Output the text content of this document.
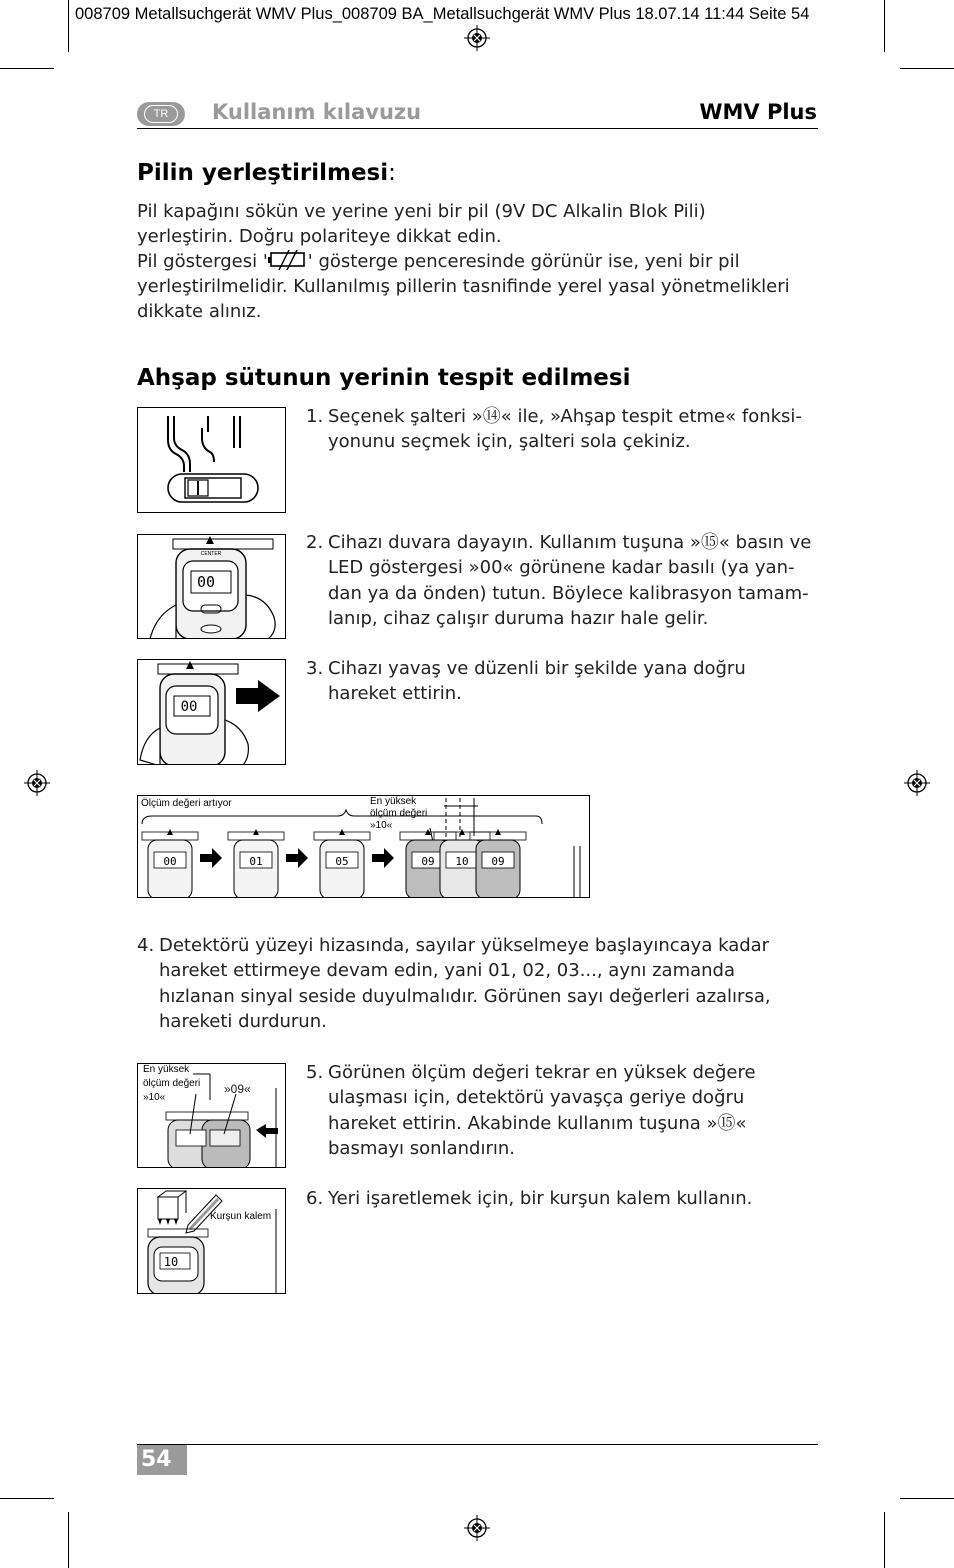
008709 Metallsuchgerät WMV Plus_008709 BA_Metallsuchgerät WMV Plus 18.07.14 11:44 Seite 54
TR	Kullanım kılavuzu	WMV Plus
Pilin yerleştirilmesi:
Pil kapağını sökün ve yerine yeni bir pil (9V DC Alkalin Blok Pili)
yerleştirin. Doğru polariteye dikkat edin.
Pil göstergesi ' ' gösterge penceresinde görünür ise, yeni bir pil
yerleştirilmelidir. Kullanılmış pillerin tasnifinde yerel yasal yönetmelikleri
dikkate alınız.
Ahşap sütunun yerinin tespit edilmesi
1. Seçenek şalteri »⑭« ile, »Ahşap tespit etme« fonksi-
yonunu seçmek için, şalteri sola çekiniz.
CENTER
00
2. Cihazı duvara dayayın. Kullanım tuşuna »⑮« basın ve
LED göstergesi »00« görünene kadar basılı (ya yan-
dan ya da önden) tutun. Böylece kalibrasyon tamam-
lanıp, cihaz çalışır duruma hazır hale gelir.
00
3. Cihazı yavaş ve düzenli bir şekilde yana doğru
hareket ettirin.
Ölçüm değeri artıyor	En yüksek
ölçüm değeri
»10«
00	01	05	09 10 09
4. Detektörü yüzeyi hizasında, sayılar yükselmeye başlayıncaya kadar
hareket ettirmeye devam edin, yani 01, 02, 03..., aynı zamanda
hızlanan sinyal seside duyulmalıdır. Görünen sayı değerleri azalırsa,
hareketi durdurun.
En yüksek
ölçüm değeri
»10«
»09«
5. Görünen ölçüm değeri tekrar en yüksek değere
ulaşması için, detektörü yavaşça geriye doğru
hareket ettirin. Akabinde kullanım tuşuna »⑮«
basmayı sonlandırın.
Kurşun kalem
10
6. Yeri işaretlemek için, bir kurşun kalem kullanın.
54
